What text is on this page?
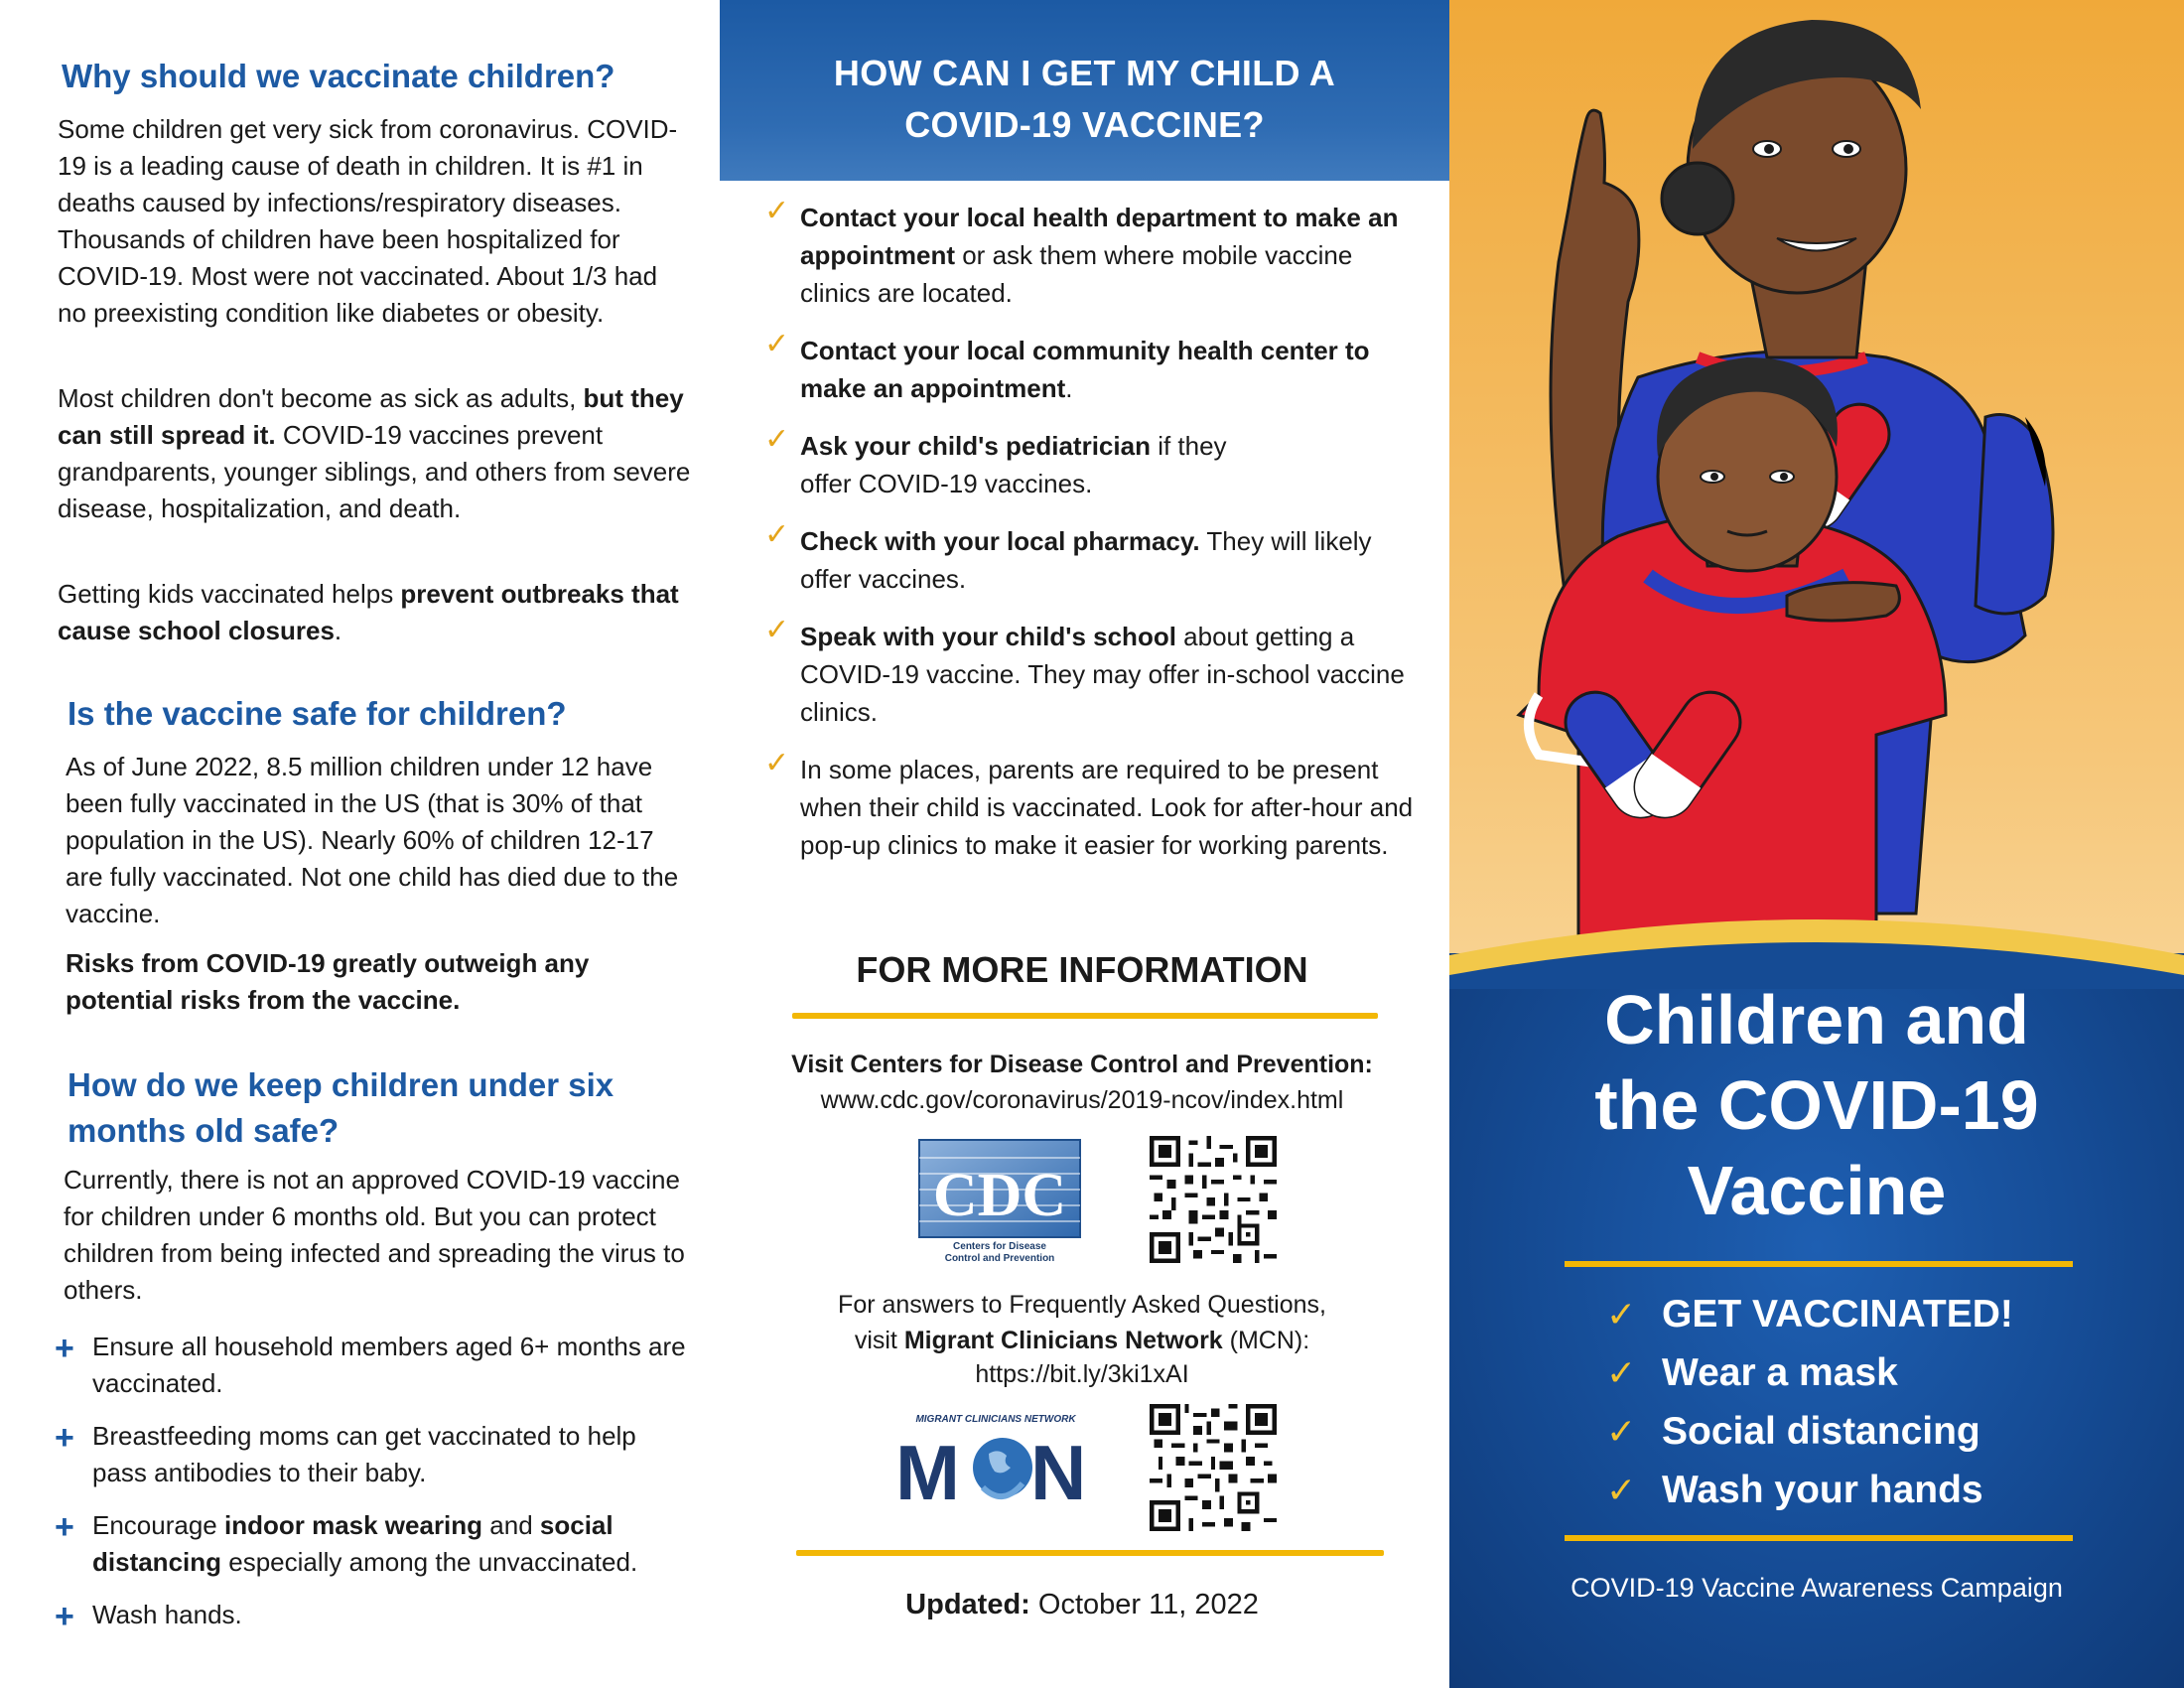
Why should we vaccinate children?
Some children get very sick from coronavirus. COVID-19 is a leading cause of death in children. It is #1 in deaths caused by infections/respiratory diseases. Thousands of children have been hospitalized for COVID-19. Most were not vaccinated. About 1/3 had no preexisting condition like diabetes or obesity.
Most children don't become as sick as adults, but they can still spread it. COVID-19 vaccines prevent grandparents, younger siblings, and others from severe disease, hospitalization, and death.
Getting kids vaccinated helps prevent outbreaks that cause school closures.
Is the vaccine safe for children?
As of June 2022, 8.5 million children under 12 have been fully vaccinated in the US (that is 30% of that population in the US). Nearly 60% of children 12-17 are fully vaccinated. Not one child has died due to the vaccine.
Risks from COVID-19 greatly outweigh any potential risks from the vaccine.
How do we keep children under six months old safe?
Currently, there is not an approved COVID-19 vaccine for children under 6 months old. But you can protect children from being infected and spreading the virus to others.
+ Ensure all household members aged 6+ months are vaccinated.
+ Breastfeeding moms can get vaccinated to help pass antibodies to their baby.
+ Encourage indoor mask wearing and social distancing especially among the unvaccinated.
+ Wash hands.
HOW CAN I GET MY CHILD A COVID-19 VACCINE?
✓ Contact your local health department to make an appointment or ask them where mobile vaccine clinics are located.
✓ Contact your local community health center to make an appointment.
✓ Ask your child's pediatrician if they offer COVID-19 vaccines.
✓ Check with your local pharmacy. They will likely offer vaccines.
✓ Speak with your child's school about getting a COVID-19 vaccine. They may offer in-school vaccine clinics.
✓ In some places, parents are required to be present when their child is vaccinated. Look for after-hour and pop-up clinics to make it easier for working parents.
FOR MORE INFORMATION
Visit Centers for Disease Control and Prevention:
www.cdc.gov/coronavirus/2019-ncov/index.html
CDC
Centers for Disease
Control and Prevention
For answers to Frequently Asked Questions,
visit Migrant Clinicians Network (MCN):
https://bit.ly/3ki1xAI
MIGRANT CLINICIANS NETWORK
M N
Updated: October 11, 2022
Children and
the COVID-19
Vaccine
✓ GET VACCINATED!
✓ Wear a mask
✓ Social distancing
✓ Wash your hands
COVID-19 Vaccine Awareness Campaign
